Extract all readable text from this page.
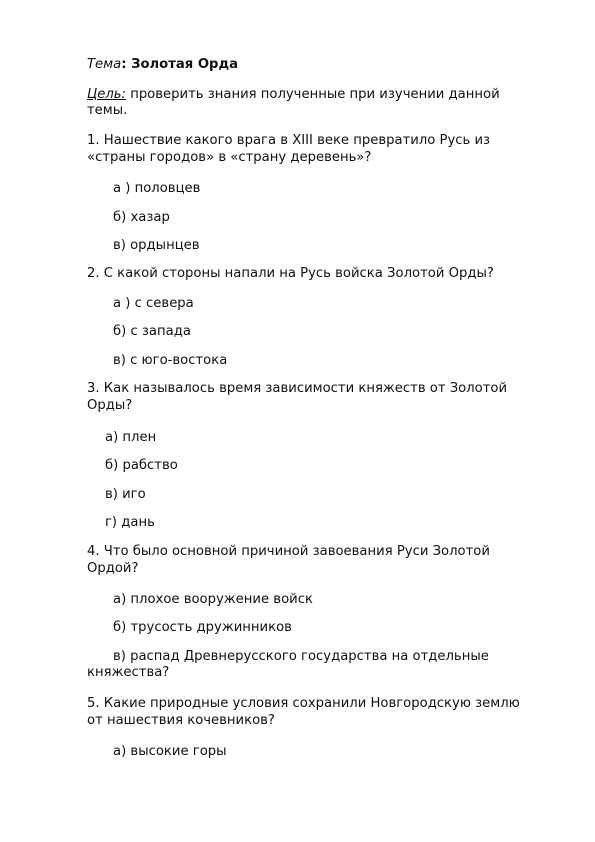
Тема: Золотая Орда
Цель: проверить знания полученные при изучении данной
темы.
1. Нашествие какого врага в XIII веке превратило Русь из
«страны городов» в «страну деревень»?
а ) половцев
б) хазар
в) ордынцев
2. С какой стороны напали на Русь войска Золотой Орды?
а ) с севера
б) с запада
в) с юго-востока
3. Как называлось время зависимости княжеств от Золотой
Орды?
а) плен
б) рабство
в) иго
г) дань
4. Что было основной причиной завоевания Руси Золотой
Ордой?
а) плохое вооружение войск
б) трусость дружинников
в) распад Древнерусского государства на отдельные
княжества?
5. Какие природные условия сохранили Новгородскую землю
от нашествия кочевников?
а) высокие горы
